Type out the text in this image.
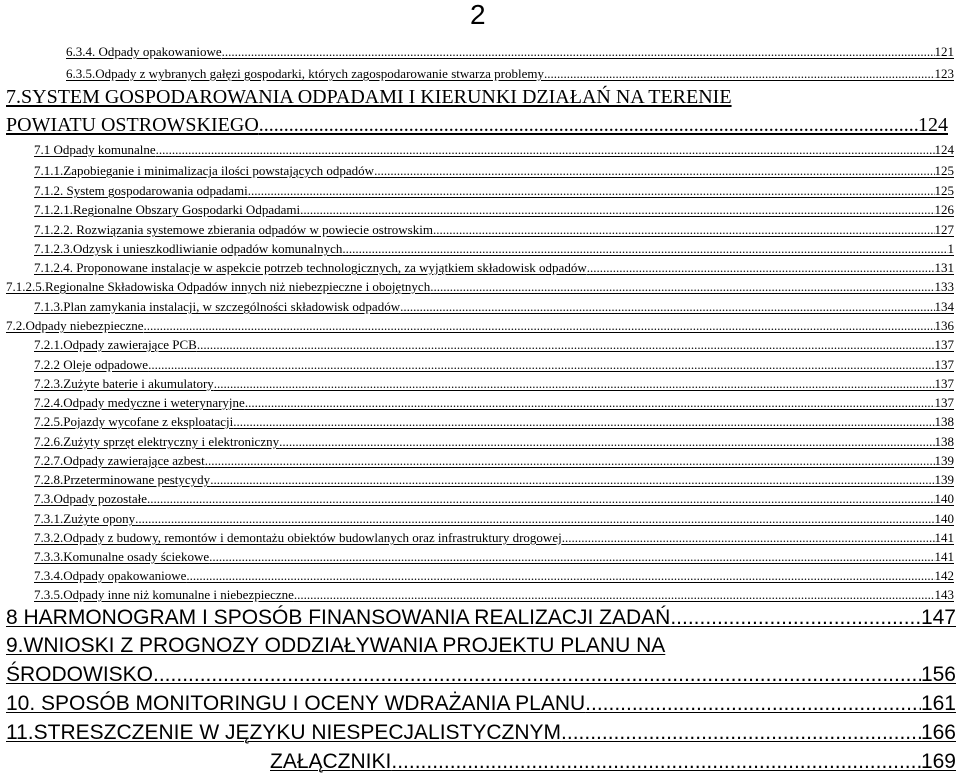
2
6.3.4. Odpady opakowaniowe .....	121
6.3.5.Odpady z wybranych gałęzi gospodarki, których zagospodarowanie stwarza problemy .....	123
7.SYSTEM GOSPODAROWANIA ODPADAMI I KIERUNKI DZIAŁAŃ NA TERENIE
POWIATU OSTROWSKIEGO .....	124
7.1 Odpady komunalne .....	124
7.1.1.Zapobieganie i minimalizacja ilości powstających odpadów .....	125
7.1.2. System gospodarowania odpadami .....	125
7.1.2.1.Regionalne Obszary Gospodarki Odpadami .....	126
7.1.2.2. Rozwiązania systemowe zbierania odpadów w powiecie ostrowskim .....	127
7.1.2.3.Odzysk i unieszkodliwianie odpadów komunalnych .....	1
7.1.2.4. Proponowane instalacje w aspekcie potrzeb technologicznych, za wyjątkiem składowisk odpadów .....	131
7.1.2.5.Regionalne Składowiska Odpadów innych niż niebezpieczne i obojętnych .....	133
7.1.3.Plan zamykania instalacji, w szczególności składowisk odpadów .....	134
7.2.Odpady niebezpieczne .....	136
7.2.1.Odpady zawierające PCB .....	137
7.2.2 Oleje odpadowe .....	137
7.2.3.Zużyte baterie i akumulatory .....	137
7.2.4.Odpady medyczne i weterynaryjne .....	137
7.2.5.Pojazdy wycofane z eksploatacji .....	138
7.2.6.Zużyty sprzęt elektryczny i elektroniczny .....	138
7.2.7.Odpady zawierające azbest .....	139
7.2.8.Przeterminowane pestycydy .....	139
7.3.Odpady pozostałe .....	140
7.3.1.Zużyte opony .....	140
7.3.2.Odpady z budowy, remontów i demontażu obiektów budowlanych oraz infrastruktury drogowej .....	141
7.3.3.Komunalne osady ściekowe .....	141
7.3.4.Odpady opakowaniowe .....	142
7.3.5.Odpady inne niż komunalne i niebezpieczne .....	143
8 HARMONOGRAM I SPOSÓB FINANSOWANIA REALIZACJI ZADAŃ .....	147
9.WNIOSKI Z PROGNOZY ODDZIAŁYWANIA PROJEKTU PLANU NA
ŚRODOWISKO .....	156
10. SPOSÓB MONITORINGU I OCENY WDRAŻANIA PLANU .....	161
11.STRESZCZENIE W JĘZYKU NIESPECJALISTYCZNYM .....	166
ZAŁĄCZNIKI .....	169
